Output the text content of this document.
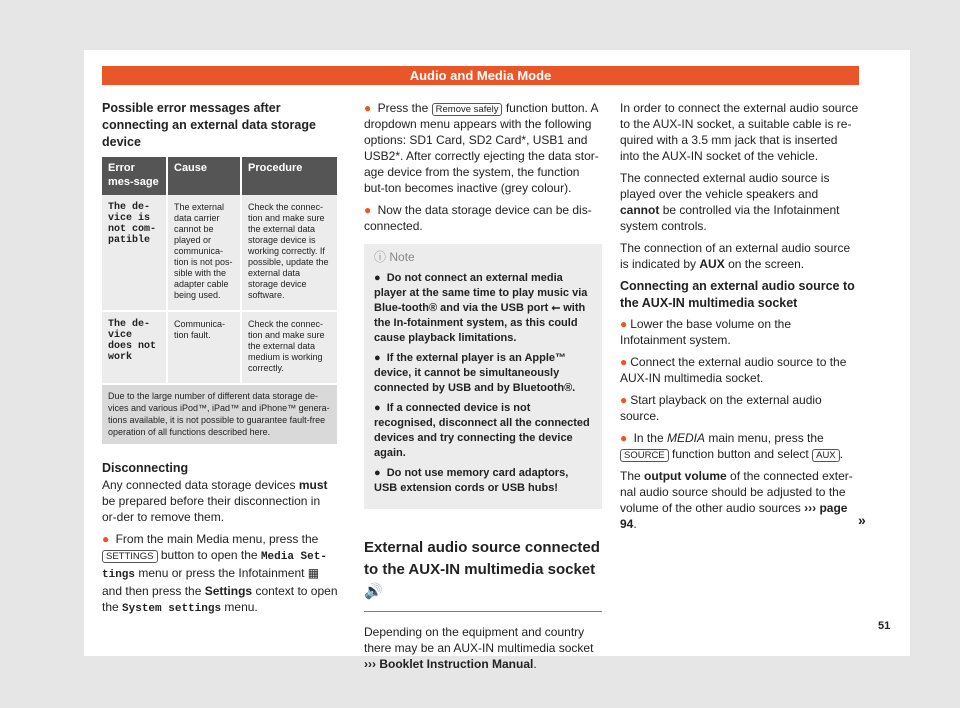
Audio and Media Mode
Possible error messages after connecting an external data storage device
Error mes-sage	Cause	Procedure
The de-vice is not com-patible	The external data carrier cannot be played or communica-tion is not pos-sible with the adapter cable being used.	Check the connec-tion and make sure the external data storage device is working correctly. If possible, update the external data storage device software.
The de-vice does not work	Communica-tion fault.	Check the connec-tion and make sure the external data medium is working correctly.
Due to the large number of different data storage de-vices and various iPod™, iPad™ and iPhone™ genera-tions available, it is not possible to guarantee fault-free operation of all functions described here.		
Disconnecting

Any connected data storage devices must be prepared before their disconnection in or-der to remove them.

● From the main Media menu, press the SETTINGS button to open the Media Set-tings menu or press the Infotainment ▦ and then press the Settings context to open the System settings menu.

● Press the Remove safely function button. A dropdown menu appears with the following options: SD1 Card, SD2 Card*, USB1 and USB2*. After correctly ejecting the data stor-age device from the system, the function but-ton becomes inactive (grey colour).

● Now the data storage device can be dis-connected.

ⓘ Note
● Do not connect an external media player at the same time to play music via Blue-tooth® and via the USB port ⭠ with the In-fotainment system, as this could cause playback limitations.
● If the external player is an Apple™ device, it cannot be simultaneously connected by USB and by Bluetooth®.
● If a connected device is not recognised, disconnect all the connected devices and try connecting the device again.
● Do not use memory card adaptors, USB extension cords or USB hubs!
External audio source connected to the AUX-IN multimedia socket 🔊

Depending on the equipment and country there may be an AUX-IN multimedia socket ››› Booklet Instruction Manual.

In order to connect the external audio source to the AUX-IN socket, a suitable cable is re-quired with a 3.5 mm jack that is inserted into the AUX-IN socket of the vehicle.

The connected external audio source is played over the vehicle speakers and cannot be controlled via the Infotainment system controls.

The connection of an external audio source is indicated by AUX on the screen.

Connecting an external audio source to the AUX-IN multimedia socket

● Lower the base volume on the Infotainment system.

● Connect the external audio source to the AUX-IN multimedia socket.

● Start playback on the external audio source.

● In the MEDIA main menu, press the SOURCE function button and select AUX .

The output volume of the connected exter-nal audio source should be adjusted to the volume of the other audio sources ››› page 94.	»
51
